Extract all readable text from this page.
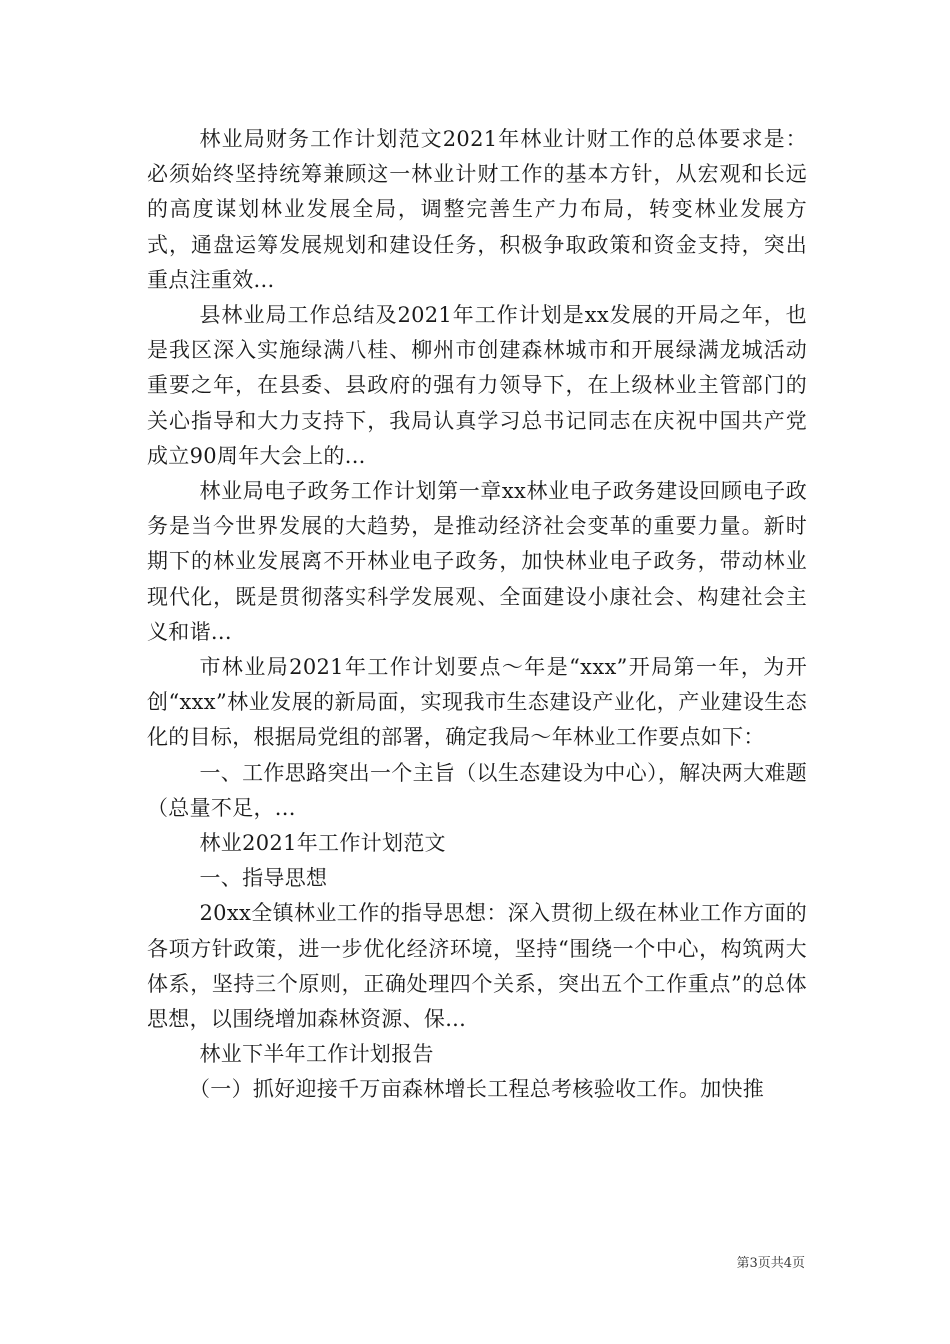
林业局财务工作计划范文2021年林业计财工作的总体要求是：必须始终坚持统筹兼顾这一林业计财工作的基本方针，从宏观和长远的高度谋划林业发展全局，调整完善生产力布局，转变林业发展方式，通盘运筹发展规划和建设任务，积极争取政策和资金支持，突出重点注重效...

县林业局工作总结及2021年工作计划是xx发展的开局之年，也是我区深入实施绿满八桂、柳州市创建森林城市和开展绿满龙城活动重要之年，在县委、县政府的强有力领导下，在上级林业主管部门的关心指导和大力支持下，我局认真学习总书记同志在庆祝中国共产党成立90周年大会上的...

林业局电子政务工作计划第一章xx林业电子政务建设回顾电子政务是当今世界发展的大趋势，是推动经济社会变革的重要力量。新时期下的林业发展离不开林业电子政务，加快林业电子政务，带动林业现代化，既是贯彻落实科学发展观、全面建设小康社会、构建社会主义和谐...

市林业局2021年工作计划要点～年是“xxx”开局第一年，为开创“xxx”林业发展的新局面，实现我市生态建设产业化，产业建设生态化的目标，根据局党组的部署，确定我局～年林业工作要点如下：

一、工作思路突出一个主旨（以生态建设为中心），解决两大难题（总量不足，...

林业2021年工作计划范文

一、指导思想

20xx全镇林业工作的指导思想：深入贯彻上级在林业工作方面的各项方针政策，进一步优化经济环境，坚持“围绕一个中心，构筑两大体系，坚持三个原则，正确处理四个关系，突出五个工作重点”的总体思想，以围绕增加森林资源、保...

林业下半年工作计划报告

（一）抓好迎接千万亩森林增长工程总考核验收工作。加快推

第3页共4页
